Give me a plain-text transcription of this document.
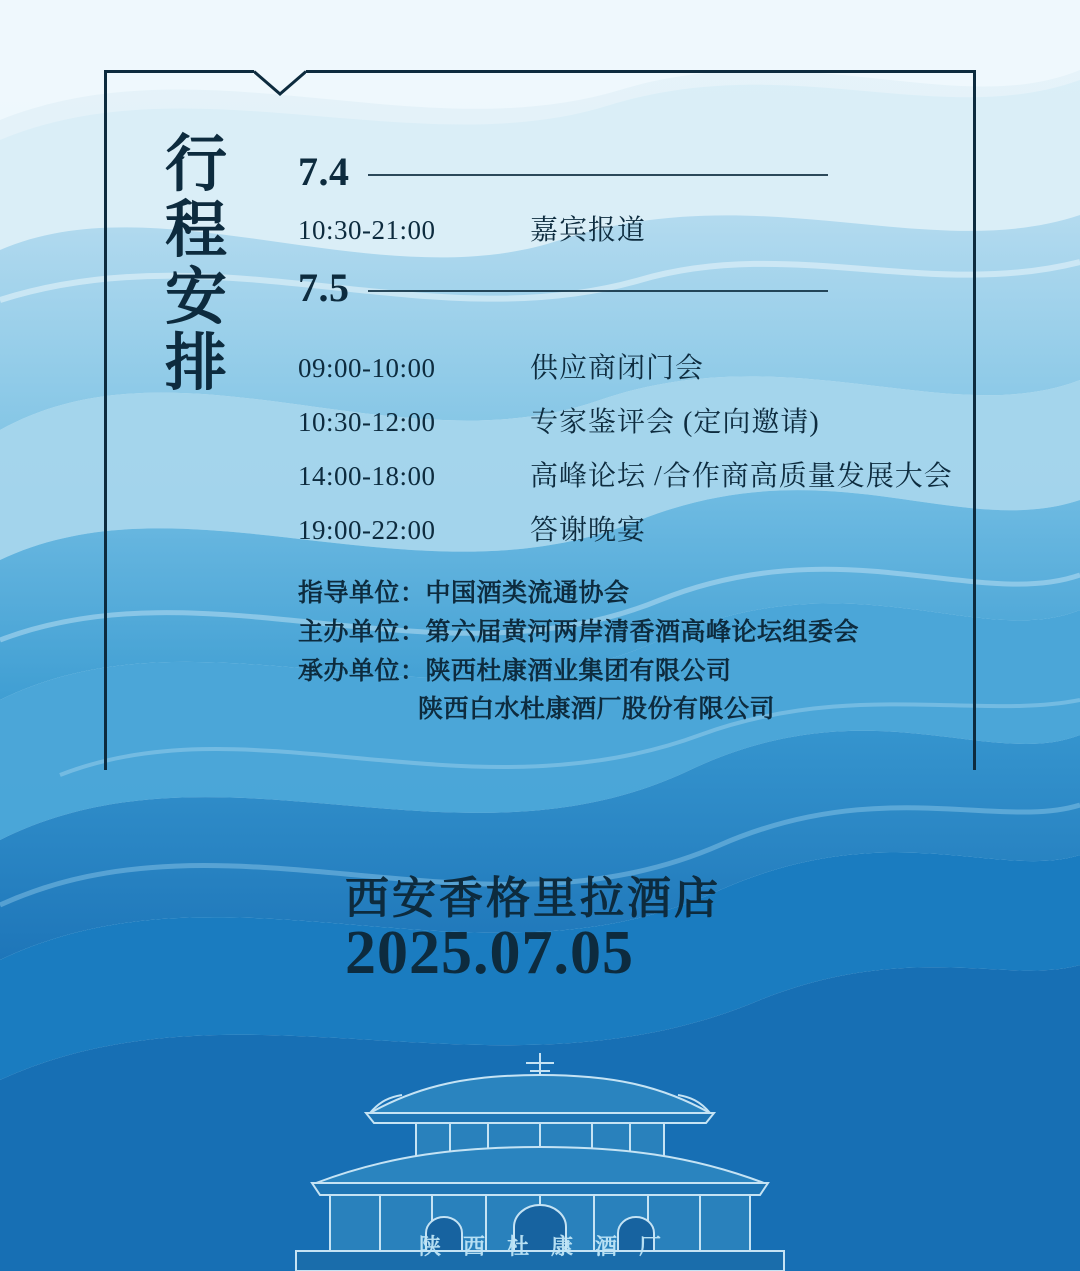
行程安排
7.4
10:30-21:00	嘉宾报道
7.5
09:00-10:00	供应商闭门会
10:30-12:00	专家鉴评会 (定向邀请)
14:00-18:00	高峰论坛 /合作商高质量发展大会
19:00-22:00	答谢晚宴
指导单位：中国酒类流通协会
主办单位：第六届黄河两岸清香酒高峰论坛组委会
承办单位：陕西杜康酒业集团有限公司
陕西白水杜康酒厂股份有限公司
西安香格里拉酒店
2025.07.05
陕西杜康酒厂
